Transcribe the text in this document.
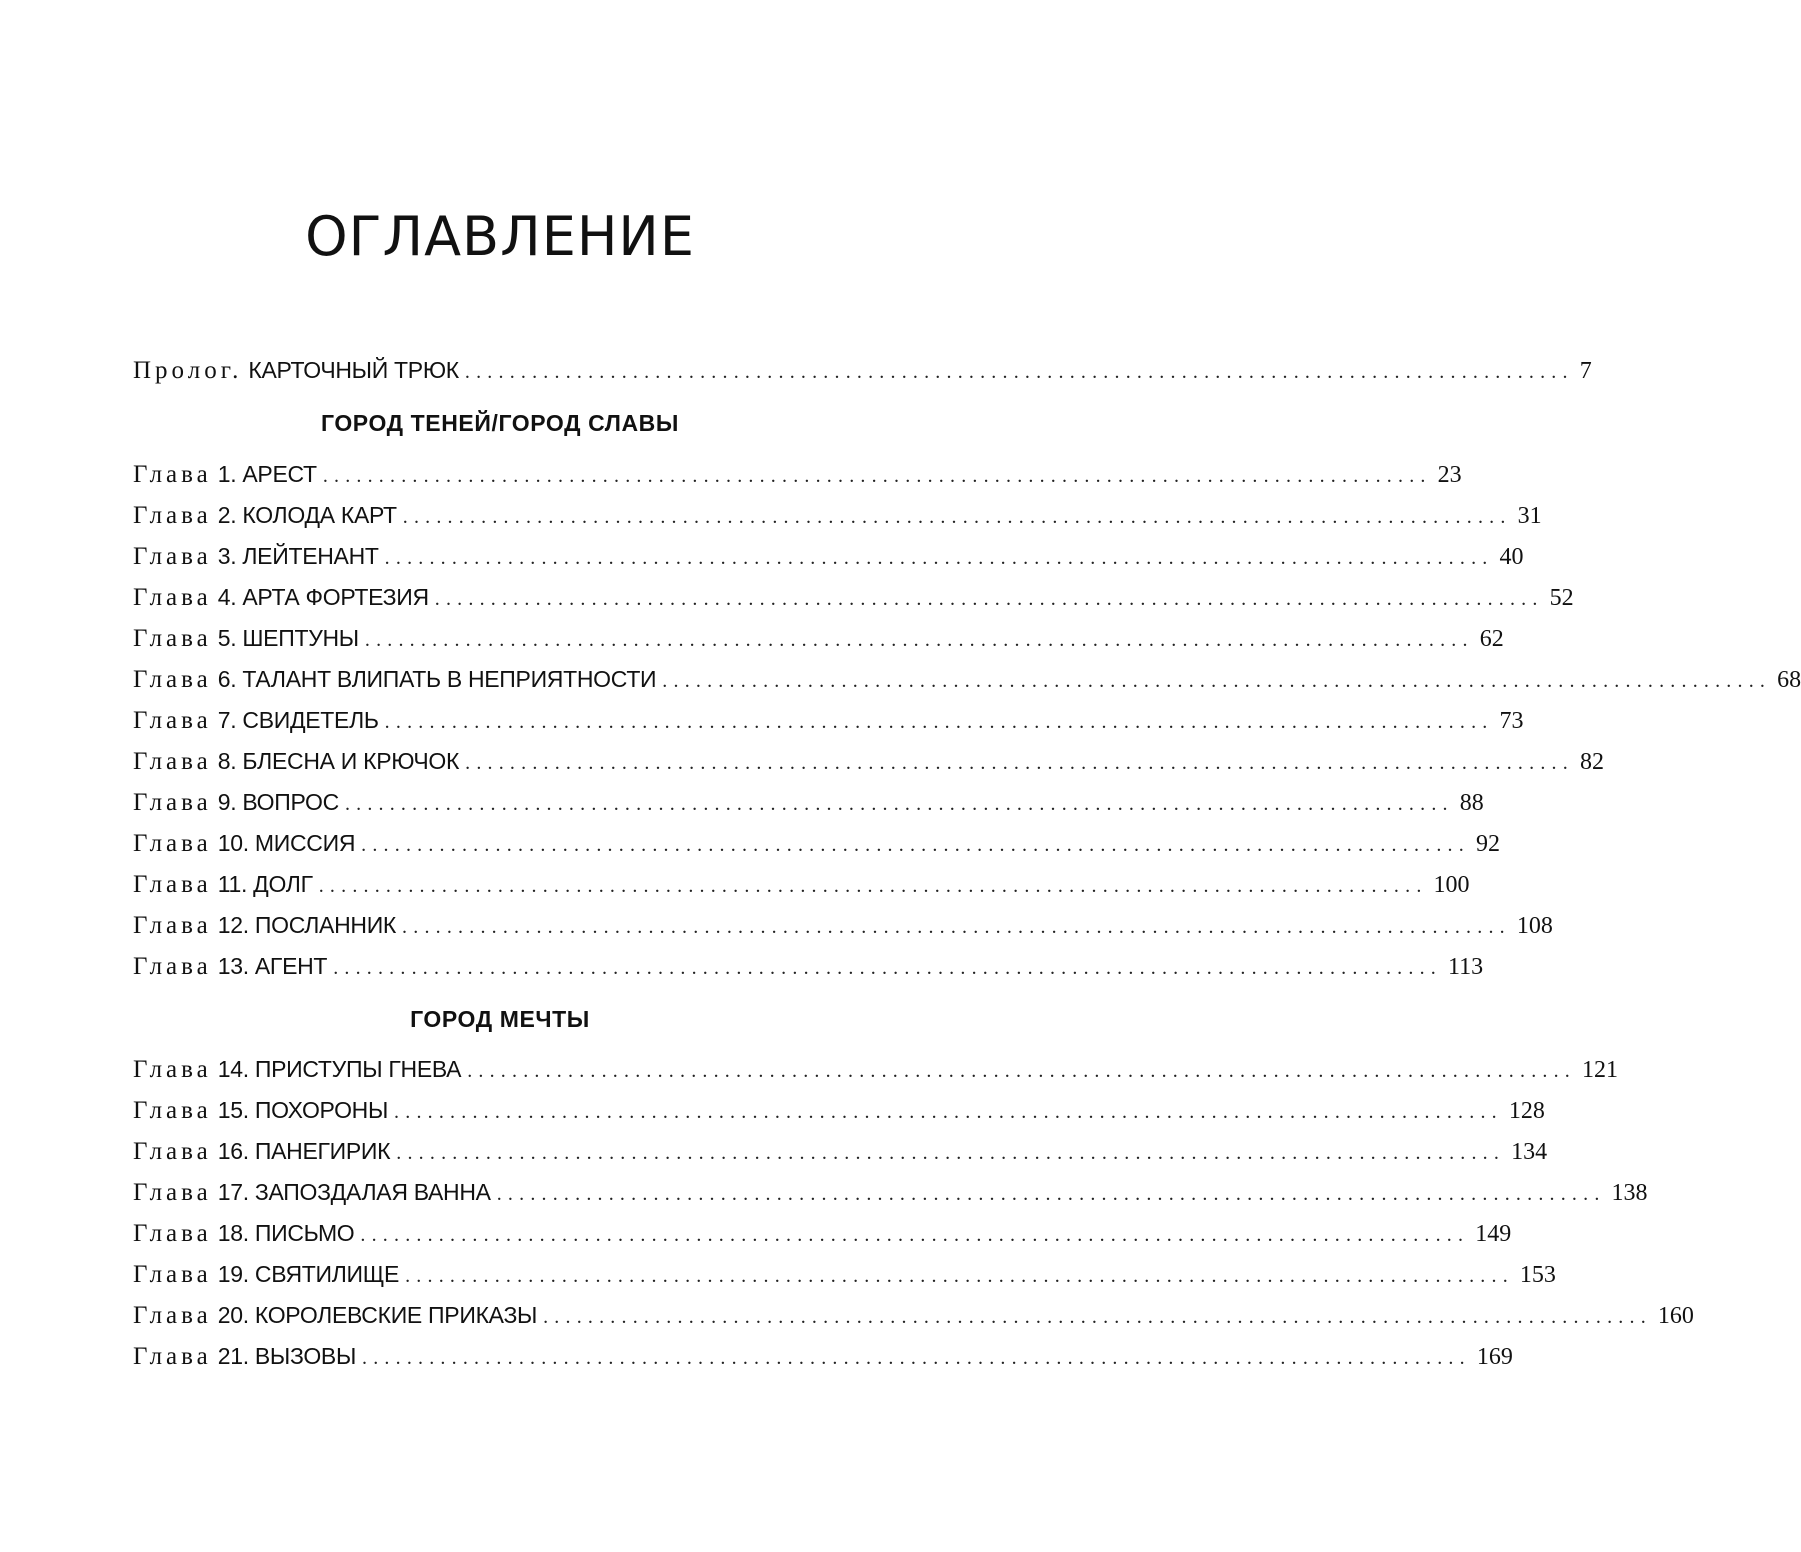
ОГЛАВЛЕНИЕ
Пролог. КАРТОЧНЫЙ ТРЮК ................................................................................................... 7
ГОРОД ТЕНЕЙ/ГОРОД СЛАВЫ
Глава 1. АРЕСТ ................................................................................................... 23
Глава 2. КОЛОДА КАРТ ................................................................................................... 31
Глава 3. ЛЕЙТЕНАНТ ................................................................................................... 40
Глава 4. АРТА ФОРТЕЗИЯ ................................................................................................... 52
Глава 5. ШЕПТУНЫ ................................................................................................... 62
Глава 6. ТАЛАНТ ВЛИПАТЬ В НЕПРИЯТНОСТИ ................................................................................................... 68
Глава 7. СВИДЕТЕЛЬ ................................................................................................... 73
Глава 8. БЛЕСНА И КРЮЧОК ................................................................................................... 82
Глава 9. ВОПРОС ................................................................................................... 88
Глава 10. МИССИЯ ................................................................................................... 92
Глава 11. ДОЛГ ................................................................................................... 100
Глава 12. ПОСЛАННИК ................................................................................................... 108
Глава 13. АГЕНТ ................................................................................................... 113
ГОРОД МЕЧТЫ
Глава 14. ПРИСТУПЫ ГНЕВА ................................................................................................... 121
Глава 15. ПОХОРОНЫ ................................................................................................... 128
Глава 16. ПАНЕГИРИК ................................................................................................... 134
Глава 17. ЗАПОЗДАЛАЯ ВАННА ................................................................................................... 138
Глава 18. ПИСЬМО ................................................................................................... 149
Глава 19. СВЯТИЛИЩЕ ................................................................................................... 153
Глава 20. КОРОЛЕВСКИЕ ПРИКАЗЫ ................................................................................................... 160
Глава 21. ВЫЗОВЫ ................................................................................................... 169
